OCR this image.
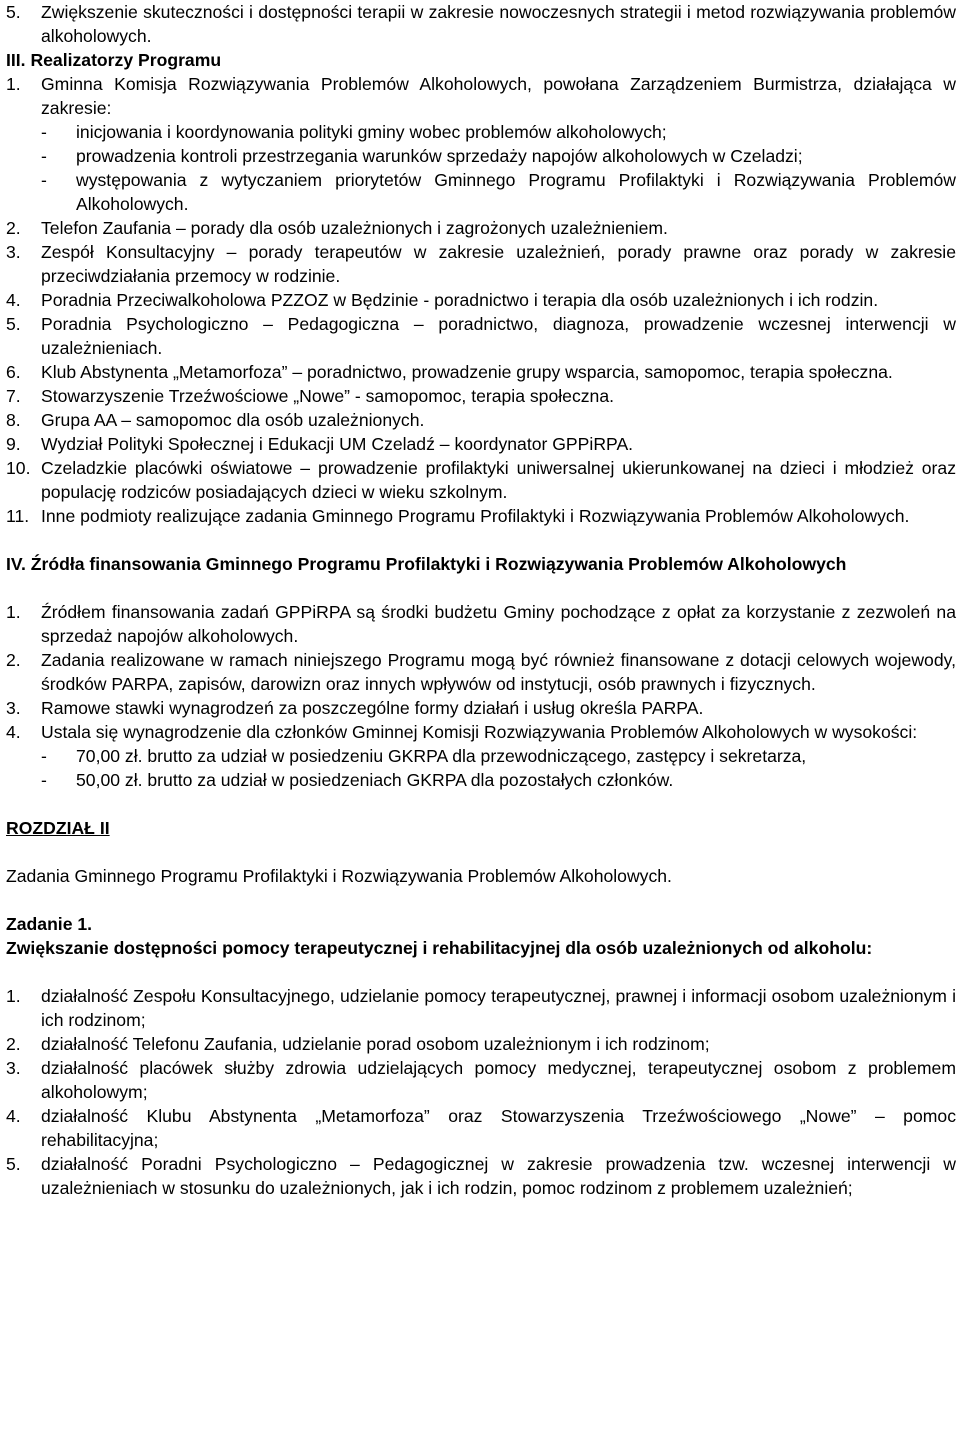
5.	Zwiększenie skuteczności i dostępności terapii w zakresie nowoczesnych strategii i metod rozwiązywania problemów alkoholowych.

III. Realizatorzy Programu

1.	Gminna Komisja Rozwiązywania Problemów Alkoholowych, powołana Zarządzeniem Burmistrza, działająca w zakresie:

-	inicjowania i koordynowania polityki gminy wobec problemów alkoholowych;
-	prowadzenia kontroli przestrzegania warunków sprzedaży napojów alkoholowych w Czeladzi;
-	występowania z wytyczaniem priorytetów Gminnego Programu Profilaktyki i Rozwiązywania Problemów Alkoholowych.
2.	Telefon Zaufania – porady dla osób uzależnionych i zagrożonych uzależnieniem.
3.	Zespół Konsultacyjny – porady terapeutów w zakresie uzależnień, porady prawne oraz porady w zakresie przeciwdziałania przemocy w rodzinie.
4.	Poradnia Przeciwalkoholowa PZZOZ w Będzinie - poradnictwo i terapia dla osób uzależnionych i ich rodzin.
5.	Poradnia Psychologiczno – Pedagogiczna – poradnictwo, diagnoza, prowadzenie wczesnej interwencji w uzależnieniach.
6.	Klub Abstynenta „Metamorfoza” – poradnictwo, prowadzenie grupy wsparcia, samopomoc, terapia społeczna.
7.	Stowarzyszenie Trzeźwościowe „Nowe” - samopomoc, terapia społeczna.
8.	Grupa AA – samopomoc dla osób uzależnionych.
9.	Wydział Polityki Społecznej i Edukacji UM Czeladź – koordynator GPPiRPA.
10. Czeladzkie placówki oświatowe – prowadzenie profilaktyki uniwersalnej ukierunkowanej na dzieci i młodzież oraz populację rodziców posiadających dzieci w wieku szkolnym.
11. Inne podmioty realizujące zadania Gminnego Programu Profilaktyki i Rozwiązywania Problemów Alkoholowych.

IV. Źródła finansowania Gminnego Programu Profilaktyki i Rozwiązywania Problemów Alkoholowych

1.	Źródłem finansowania zadań GPPiRPA są środki budżetu Gminy pochodzące z opłat za korzystanie z zezwoleń na sprzedaż napojów alkoholowych.
2.	Zadania realizowane w ramach niniejszego Programu mogą być również finansowane z dotacji celowych wojewody, środków PARPA, zapisów, darowizn oraz innych wpływów od instytucji, osób prawnych i fizycznych.
3.	Ramowe stawki wynagrodzeń za poszczególne formy działań i usług określa PARPA.
4.	Ustala się wynagrodzenie dla członków Gminnej Komisji Rozwiązywania Problemów Alkoholowych w wysokości:

-	70,00 zł. brutto za udział w posiedzeniu GKRPA dla przewodniczącego, zastępcy i sekretarza,
-	50,00 zł. brutto za udział w posiedzeniach GKRPA dla pozostałych członków.

ROZDZIAŁ II

Zadania Gminnego Programu Profilaktyki i Rozwiązywania Problemów Alkoholowych.

Zadanie 1.

Zwiększanie dostępności pomocy terapeutycznej i rehabilitacyjnej dla osób uzależnionych od alkoholu:

1.	działalność Zespołu Konsultacyjnego, udzielanie pomocy terapeutycznej, prawnej i informacji osobom uzależnionym i ich rodzinom;
2.	działalność Telefonu Zaufania, udzielanie porad osobom uzależnionym i ich rodzinom;
3.	działalność placówek służby zdrowia udzielających pomocy medycznej, terapeutycznej osobom z problemem alkoholowym;
4.	działalność Klubu Abstynenta „Metamorfoza” oraz Stowarzyszenia Trzeźwościowego „Nowe” – pomoc rehabilitacyjna;
5.	działalność Poradni Psychologiczno – Pedagogicznej w zakresie prowadzenia tzw. wczesnej interwencji w uzależnieniach w stosunku do uzależnionych, jak i ich rodzin, pomoc rodzinom z problemem uzależnień;
